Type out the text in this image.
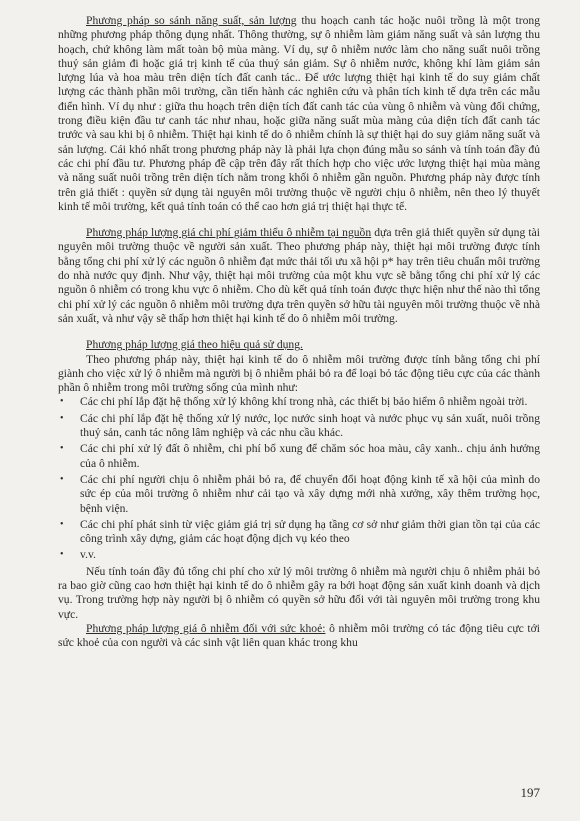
Phương pháp so sánh năng suất, sản lượng thu hoạch canh tác hoặc nuôi trồng là một trong những phương pháp thông dụng nhất. Thông thường, sự ô nhiễm làm giảm năng suất và sản lượng thu hoạch, chứ không làm mất toàn bộ mùa màng. Ví dụ, sự ô nhiễm nước làm cho năng suất nuôi trồng thuỷ sản giảm đi hoặc giá trị kinh tế của thuỷ sản giảm. Sự ô nhiễm nước, không khí làm giảm sản lượng lúa và hoa màu trên diện tích đất canh tác.. Để ước lượng thiệt hại kinh tế do suy giảm chất lượng các thành phần môi trường, cần tiến hành các nghiên cứu và phân tích kinh tế dựa trên các mẫu điển hình. Ví dụ như : giữa thu hoạch trên diện tích đất canh tác của vùng ô nhiễm và vùng đối chứng, trong điều kiện đầu tư canh tác như nhau, hoặc giữa năng suất mùa màng của diện tích đất canh tác trước và sau khi bị ô nhiễm. Thiệt hại kinh tế do ô nhiễm chính là sự thiệt hại do suy giảm năng suất và sản lượng. Cái khó nhất trong phương pháp này là phải lựa chọn đúng mẫu so sánh và tính toán đầy đủ các chi phí đầu tư. Phương pháp đề cập trên đây rất thích hợp cho việc ước lượng thiệt hại mùa màng và năng suất nuôi trồng trên diện tích nằm trong khối ô nhiễm gần nguồn. Phương pháp này được tính trên giả thiết : quyền sử dụng tài nguyên môi trường thuộc về người chịu ô nhiễm, nên theo lý thuyết kinh tế môi trường, kết quả tính toán có thể cao hơn giá trị thiệt hại thực tế.

Phương pháp lượng giá chi phí giảm thiểu ô nhiễm tại nguồn dựa trên giả thiết quyền sử dụng tài nguyên môi trường thuộc về người sản xuất. Theo phương pháp này, thiệt hại môi trường được tính bằng tổng chi phí xử lý các nguồn ô nhiễm đạt mức thải tối ưu xã hội p* hay trên tiêu chuẩn môi trường do nhà nước quy định. Như vậy, thiệt hại môi trường của một khu vực sẽ bằng tổng chi phí xử lý các nguồn ô nhiễm có trong khu vực ô nhiễm. Cho dù kết quả tính toán được thực hiện như thế nào thì tổng chi phí xử lý các nguồn ô nhiễm môi trường dựa trên quyền sở hữu tài nguyên môi trường thuộc về nhà sản xuất, và như vậy sẽ thấp hơn thiệt hại kinh tế do ô nhiễm môi trường.

Phương pháp lượng giá theo hiệu quả sử dụng.

Theo phương pháp này, thiệt hại kinh tế do ô nhiễm môi trường được tính bằng tổng chi phí giành cho việc xử lý ô nhiễm mà người bị ô nhiễm phải bỏ ra để loại bỏ tác động tiêu cực của các thành phần ô nhiễm trong môi trường sống của mình như:

• Các chi phí lắp đặt hệ thống xử lý không khí trong nhà, các thiết bị bảo hiểm ô nhiễm ngoài trời.
• Các chi phí lắp đặt hệ thống xử lý nước, lọc nước sinh hoạt và nước phục vụ sản xuất, nuôi trồng thuỷ sản, canh tác nông lâm nghiệp và các nhu cầu khác.
• Các chi phí xử lý đất ô nhiễm, chi phí bổ xung để chăm sóc hoa màu, cây xanh.. chịu ảnh hưởng của ô nhiễm.
• Các chi phí người chịu ô nhiễm phải bỏ ra, để chuyển đổi hoạt động kinh tế xã hội của mình do sức ép của môi trường ô nhiễm như cải tạo và xây dựng mới nhà xưởng, xây thêm trường học, bệnh viện.
• Các chi phí phát sinh từ việc giảm giá trị sử dụng hạ tầng cơ sở như giảm thời gian tồn tại của các công trình xây dựng, giảm các hoạt động dịch vụ kéo theo
• v.v.

Nếu tính toán đầy đủ tổng chi phí cho xử lý môi trường ô nhiễm mà người chịu ô nhiễm phải bỏ ra bao giờ cũng cao hơn thiệt hại kinh tế do ô nhiễm gây ra bởi hoạt động sản xuất kinh doanh và dịch vụ. Trong trường hợp này người bị ô nhiễm có quyền sở hữu đối với tài nguyên môi trường trong khu vực.

Phương pháp lượng giá ô nhiễm đối với sức khoẻ: ô nhiễm môi trường có tác động tiêu cực tới sức khoẻ của con người và các sinh vật liên quan khác trong khu

197
